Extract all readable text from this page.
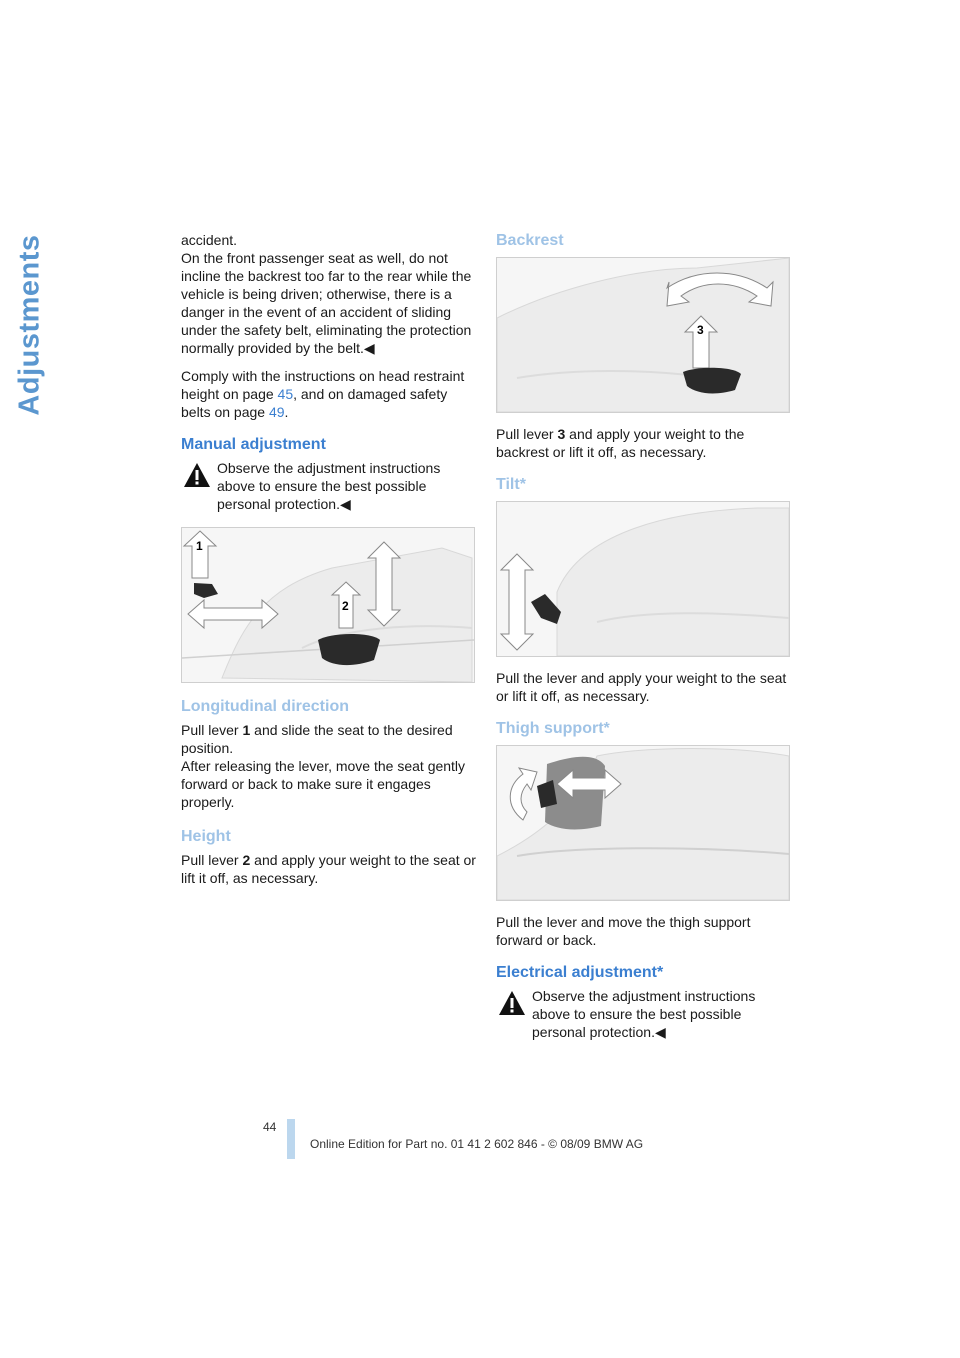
Adjustments	accident.
On the front passenger seat as well, do not incline the backrest too far to the rear while the vehicle is being driven; otherwise, there is a danger in the event of an accident of sliding under the safety belt, eliminating the protection normally provided by the belt.◀

Comply with the instructions on head restraint height on page 45, and on damaged safety belts on page 49.

Manual adjustment
Observe the adjustment instructions above to ensure the best possible personal protection.◀
1
2
Longitudinal direction

Pull lever 1 and slide the seat to the desired position.
After releasing the lever, move the seat gently forward or back to make sure it engages properly.

Height

Pull lever 2 and apply your weight to the seat or lift it off, as necessary.

Backrest
3

Pull lever 3 and apply your weight to the backrest or lift it off, as necessary.

Tilt*

Pull the lever and apply your weight to the seat or lift it off, as necessary.

Thigh support*

Pull the lever and move the thigh support forward or back.

Electrical adjustment*
Observe the adjustment instructions above to ensure the best possible personal protection.◀
44
Online Edition for Part no. 01 41 2 602 846 - © 08/09 BMW AG
